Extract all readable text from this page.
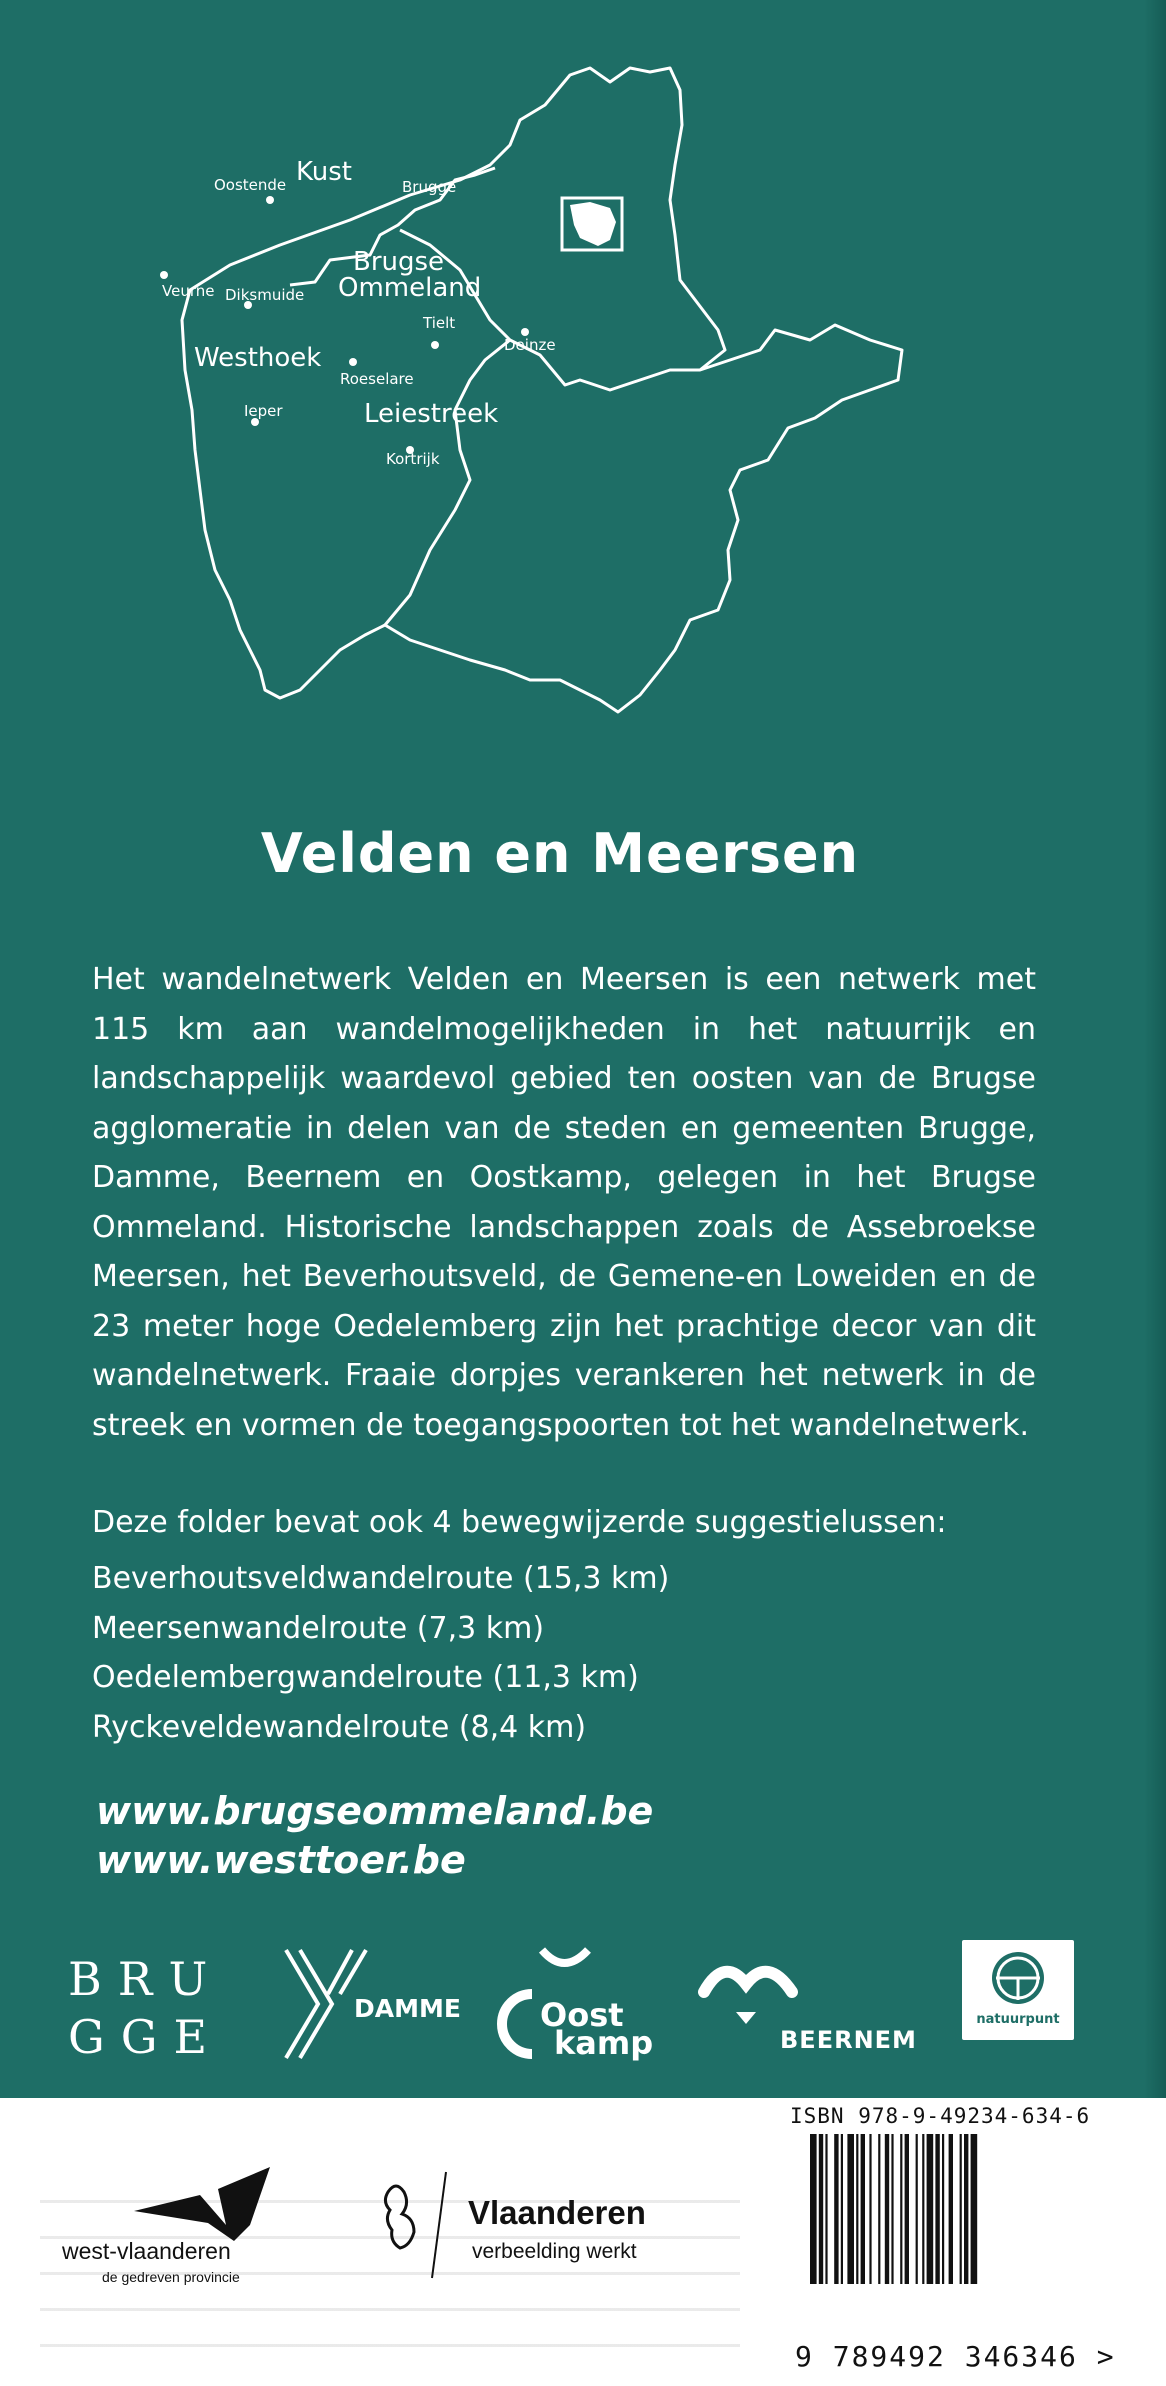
Kust
Brugse
Ommeland
Westhoek
Leiestreek
Oostende	Brugge
Veurne Diksmuide
Tielt
Deinze
Roeselare
Ieper
Kortrijk
Velden en Meersen

Het wandelnetwerk Velden en Meersen is een netwerk met 115 km aan wandelmogelijkheden in het natuurrijk en landschappelijk waardevol gebied ten oosten van de Brugse agglomeratie in delen van de steden en gemeenten Brugge, Damme, Beernem en Oostkamp, gelegen in het Brugse Ommeland. Historische landschappen zoals de Assebroekse Meersen, het Beverhoutsveld, de Gemene-en Loweiden en de 23 meter hoge Oedelemberg zijn het prachtige decor van dit wandelnetwerk. Fraaie dorpjes verankeren het netwerk in de streek en vormen de toegangspoorten tot het wandelnetwerk.

Deze folder bevat ook 4 bewegwijzerde suggestielussen:
Beverhoutsveldwandelroute (15,3 km)
Meersenwandelroute (7,3 km)
Oedelembergwandelroute (11,3 km)
Ryckeveldewandelroute (8,4 km)
www.brugseommeland.be
www.westtoer.be
BRU
GGE
DAMME Oost
kamp	BEERNEM
natuurpunt
west-vlaanderen
de gedreven provincie
Vlaanderen
verbeelding werkt
ISBN 978-9-49234-634-6
9 789492 346346 >
